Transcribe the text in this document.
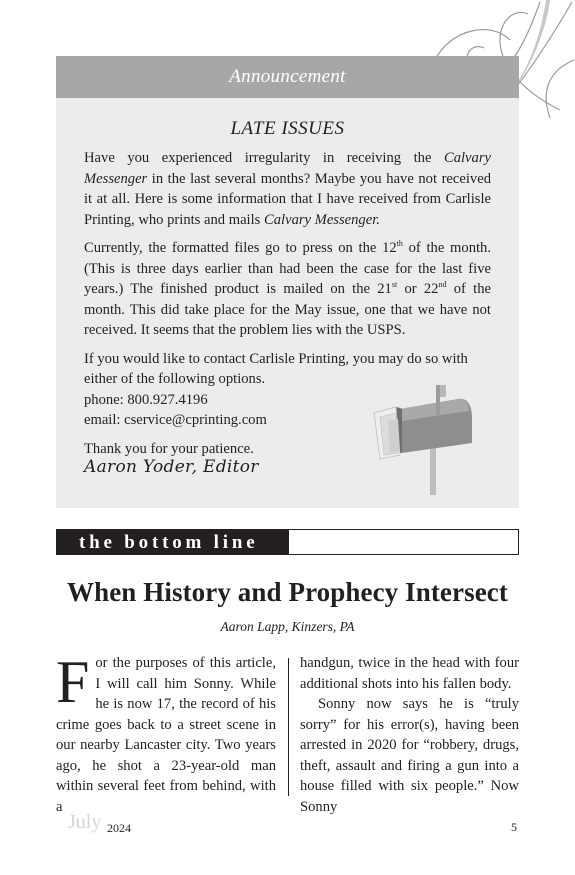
Announcement
LATE ISSUES

Have you experienced irregularity in receiving the Calvary Messenger in the last several months? Maybe you have not received it at all. Here is some information that I have received from Carlisle Printing, who prints and mails Calvary Messenger.

Currently, the formatted files go to press on the 12th of the month. (This is three days earlier than had been the case for the last five years.) The finished product is mailed on the 21st or 22nd of the month. This did take place for the May issue, one that we have not received. It seems that the problem lies with the USPS.

If you would like to contact Carlisle Printing, you may do so with either of the following options.

phone: 800.927.4196
email: cservice@cprinting.com
Thank you for your patience.
Aaron Yoder, Editor
the bottom line
When History and Prophecy Intersect
Aaron Lapp, Kinzers, PA
F or the purposes of this article, I will call him Sonny. While he is now 17, the record of his crime goes back to a street scene in our nearby Lancaster city. Two years ago, he shot a 23-year-old man within several feet from behind, with a

handgun, twice in the head with four additional shots into his fallen body.

Sonny now says he is “truly sorry” for his error(s), having been arrested in 2020 for “robbery, drugs, theft, assault and firing a gun into a house filled with six people.” Now Sonny

July 2024	5
